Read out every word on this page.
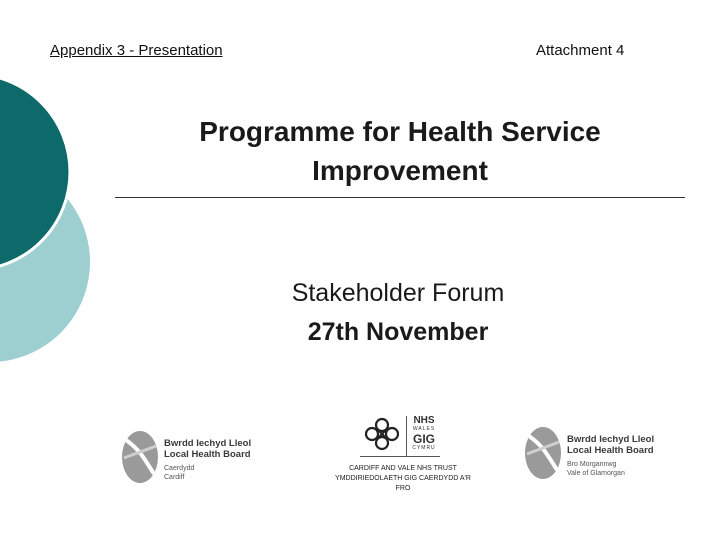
Appendix 3 - Presentation	Attachment 4
Programme for Health Service
Improvement
Stakeholder Forum
27th November
Bwrdd Iechyd Lleol
Local Health Board
Caerdydd
Cardiff
NHS
WALES
GIG
CYMRU
CARDIFF AND VALE NHS TRUST
YMDDIRIEDOLAETH GIG CAERDYDD A'R
FRO
Bwrdd Iechyd Lleol
Local Health Board
Bro Morgannwg
Vale of Glamorgan
